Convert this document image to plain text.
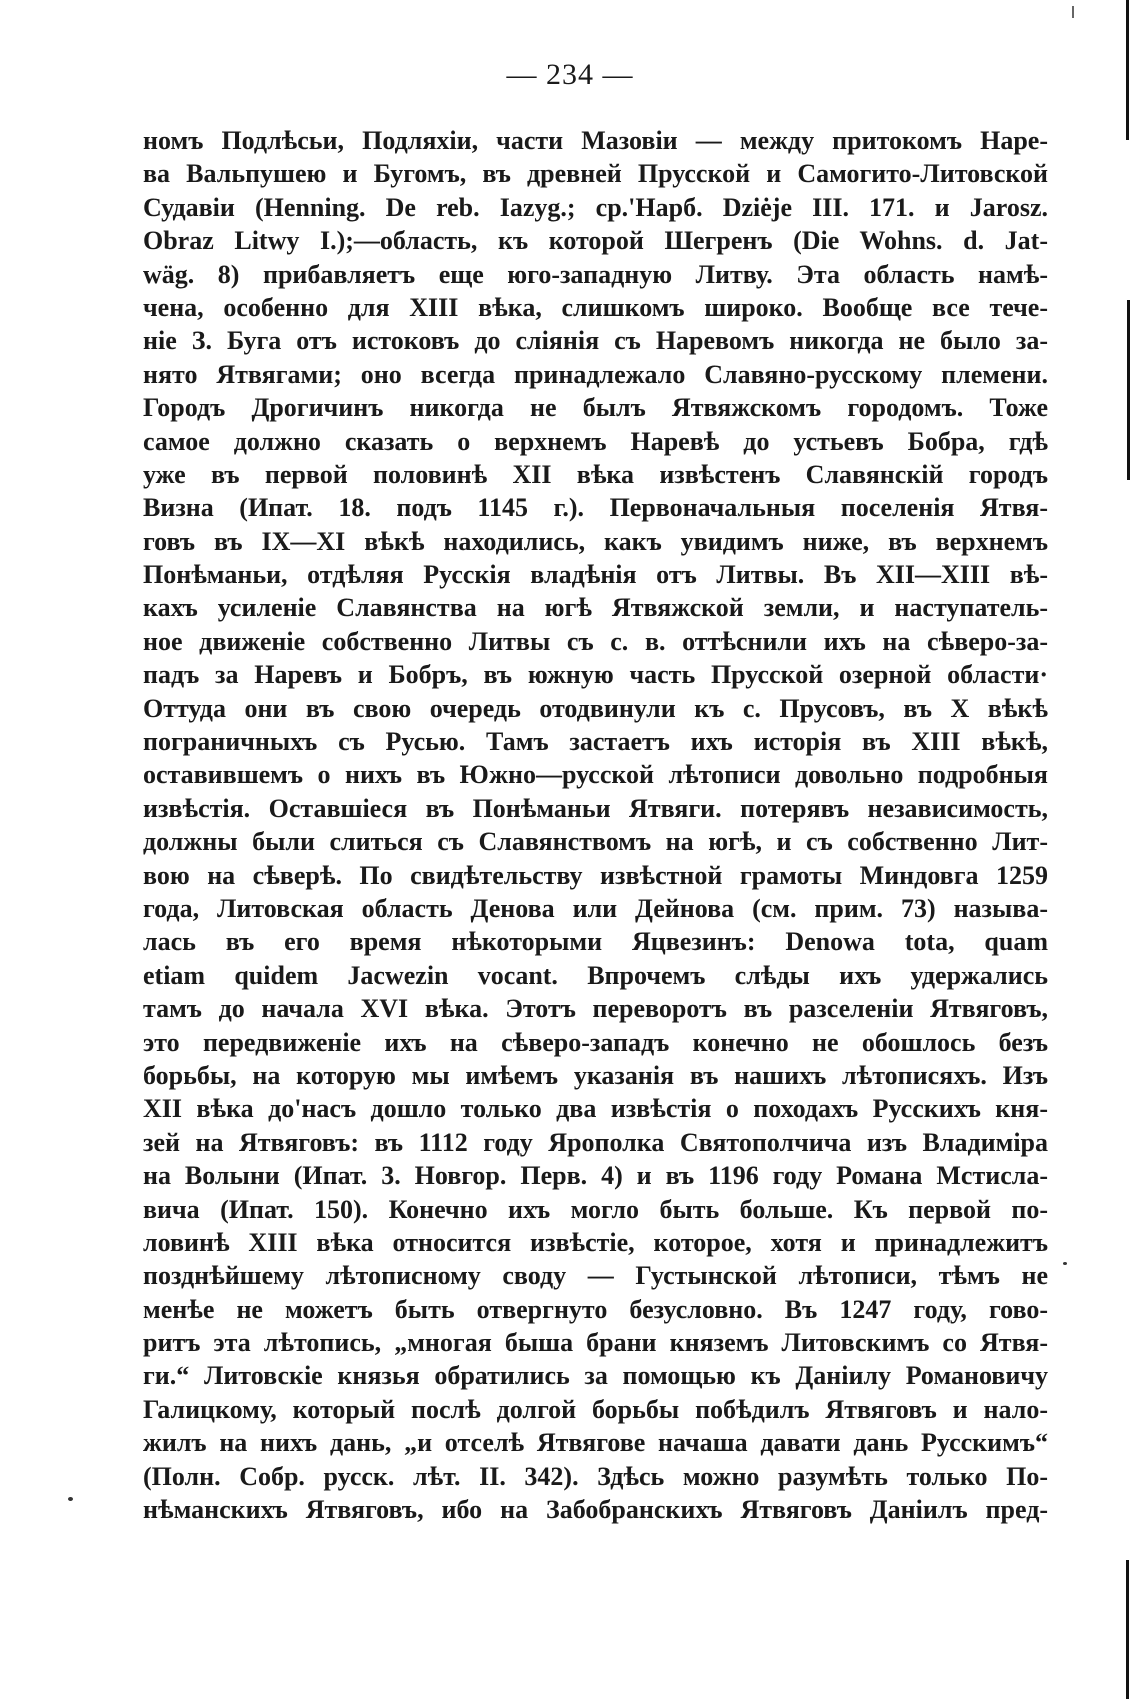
— 234 —
номъ Подлѣсьи, Подляхіи, части Мазовіи — между притокомъ Наре-
ва Вальпушею и Бугомъ, въ древней Прусской и Самогито-Литовской
Судавіи (Henning. De reb. Iazyg.; ср.'Нарб. Dziėje III. 171. и Jarosz.
Obraz Litwy I.);—область, къ которой Шегренъ (Die Wohns. d. Jat-
wäg. 8) прибавляетъ еще юго-западную Литву. Эта область намѣ-
чена, особенно для XIII вѣка, слишкомъ широко. Вообще все тече-
ніе З. Буга отъ истоковъ до сліянія съ Наревомъ никогда не было за-
нято Ятвягами; оно всегда принадлежало Славяно-русскому племени.
Городъ Дрогичинъ никогда не былъ Ятвяжскомъ городомъ. Тоже
самое должно сказать о верхнемъ Наревѣ до устьевъ Бобра, гдѣ
уже въ первой половинѣ XII вѣка извѣстенъ Славянскій городъ
Визна (Ипат. 18. подъ 1145 г.). Первоначальныя поселенія Ятвя-
говъ въ IX—XI вѣкѣ находились, какъ увидимъ ниже, въ верхнемъ
Понѣманьи, отдѣляя Русскія владѣнія отъ Литвы. Въ XII—XIII вѣ-
кахъ усиленіе Славянства на югѣ Ятвяжской земли, и наступатель-
ное движеніе собственно Литвы съ с. в. оттѣснили ихъ на сѣверо-за-
падъ за Наревъ и Бобръ, въ южную часть Прусской озерной области·
Оттуда они въ свою очередь отодвинули къ с. Прусовъ, въ X вѣкѣ
пограничныхъ съ Русью. Тамъ застаетъ ихъ исторія въ XIII вѣкѣ,
оставившемъ о нихъ въ Южно—русской лѣтописи довольно подробныя
извѣстія. Оставшіеся въ Понѣманьи Ятвяги. потерявъ независимость,
должны были слиться съ Славянствомъ на югѣ, и съ собственно Лит-
вою на сѣверѣ. По свидѣтельству извѣстной грамоты Миндовга 1259
года, Литовская область Денова или Дейнова (см. прим. 73) называ-
лась въ его время нѣкоторыми Яцвезинъ: Denowa tota, quam
etiam quidem Jacwezin vocant. Впрочемъ слѣды ихъ удержались
тамъ до начала XVI вѣка. Этотъ переворотъ въ разселеніи Ятвяговъ,
это передвиженіе ихъ на сѣверо-западъ конечно не обошлось безъ
борьбы, на которую мы имѣемъ указанія въ нашихъ лѣтописяхъ. Изъ
XII вѣка до'насъ дошло только два извѣстія о походахъ Русскихъ кня-
зей на Ятвяговъ: въ 1112 году Ярополка Святополчича изъ Владиміра
на Волыни (Ипат. 3. Новгор. Перв. 4) и въ 1196 году Романа Мстисла-
вича (Ипат. 150). Конечно ихъ могло быть больше. Къ первой по-
ловинѣ XIII вѣка относится извѣстіе, которое, хотя и принадлежитъ
позднѣйшему лѣтописному своду — Густынской лѣтописи, тѣмъ не
менѣе не можетъ быть отвергнуто безусловно. Въ 1247 году, гово-
ритъ эта лѣтопись, „многая быша брани княземъ Литовскимъ со Ятвя-
ги.“ Литовскіе князья обратились за помощью къ Даніилу Романовичу
Галицкому, который послѣ долгой борьбы побѣдилъ Ятвяговъ и нало-
жилъ на нихъ дань, „и отселѣ Ятвягове начаша давати дань Русскимъ“
(Полн. Собр. русск. лѣт. II. 342). Здѣсь можно разумѣть только По-
нѣманскихъ Ятвяговъ, ибо на Забобранскихъ Ятвяговъ Даніилъ пред-
